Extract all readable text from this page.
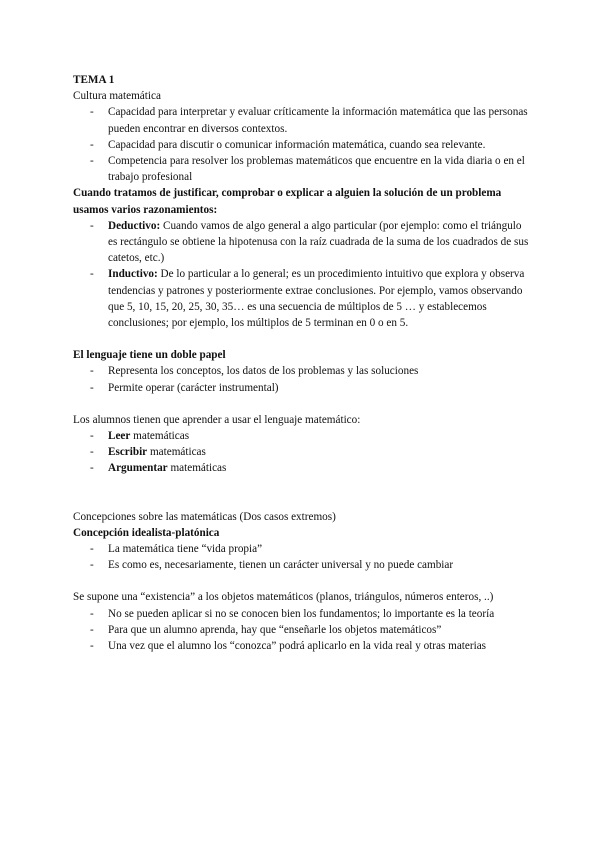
TEMA 1

Cultura matemática

- Capacidad para interpretar y evaluar críticamente la información matemática que las personas pueden encontrar en diversos contextos.
- Capacidad para discutir o comunicar información matemática, cuando sea relevante.
- Competencia para resolver los problemas matemáticos que encuentre en la vida diaria o en el trabajo profesional

Cuando tratamos de justificar, comprobar o explicar a alguien la solución de un problema usamos varios razonamientos:

- Deductivo: Cuando vamos de algo general a algo particular (por ejemplo: como el triángulo es rectángulo se obtiene la hipotenusa con la raíz cuadrada de la suma de los cuadrados de sus catetos, etc.)
- Inductivo: De lo particular a lo general; es un procedimiento intuitivo que explora y observa tendencias y patrones y posteriormente extrae conclusiones. Por ejemplo, vamos observando que 5, 10, 15, 20, 25, 30, 35… es una secuencia de múltiplos de 5 … y establecemos conclusiones; por ejemplo, los múltiplos de 5 terminan en 0 o en 5.

El lenguaje tiene un doble papel

- Representa los conceptos, los datos de los problemas y las soluciones
- Permite operar (carácter instrumental)

Los alumnos tienen que aprender a usar el lenguaje matemático:

- Leer matemáticas
- Escribir matemáticas
- Argumentar matemáticas

Concepciones sobre las matemáticas (Dos casos extremos)

Concepción idealista-platónica

- La matemática tiene “vida propia”
- Es como es, necesariamente, tienen un carácter universal y no puede cambiar

Se supone una “existencia” a los objetos matemáticos (planos, triángulos, números enteros, ..)

- No se pueden aplicar si no se conocen bien los fundamentos; lo importante es la teoría
- Para que un alumno aprenda, hay que “enseñarle los objetos matemáticos”
- Una vez que el alumno los “conozca” podrá aplicarlo en la vida real y otras materias
